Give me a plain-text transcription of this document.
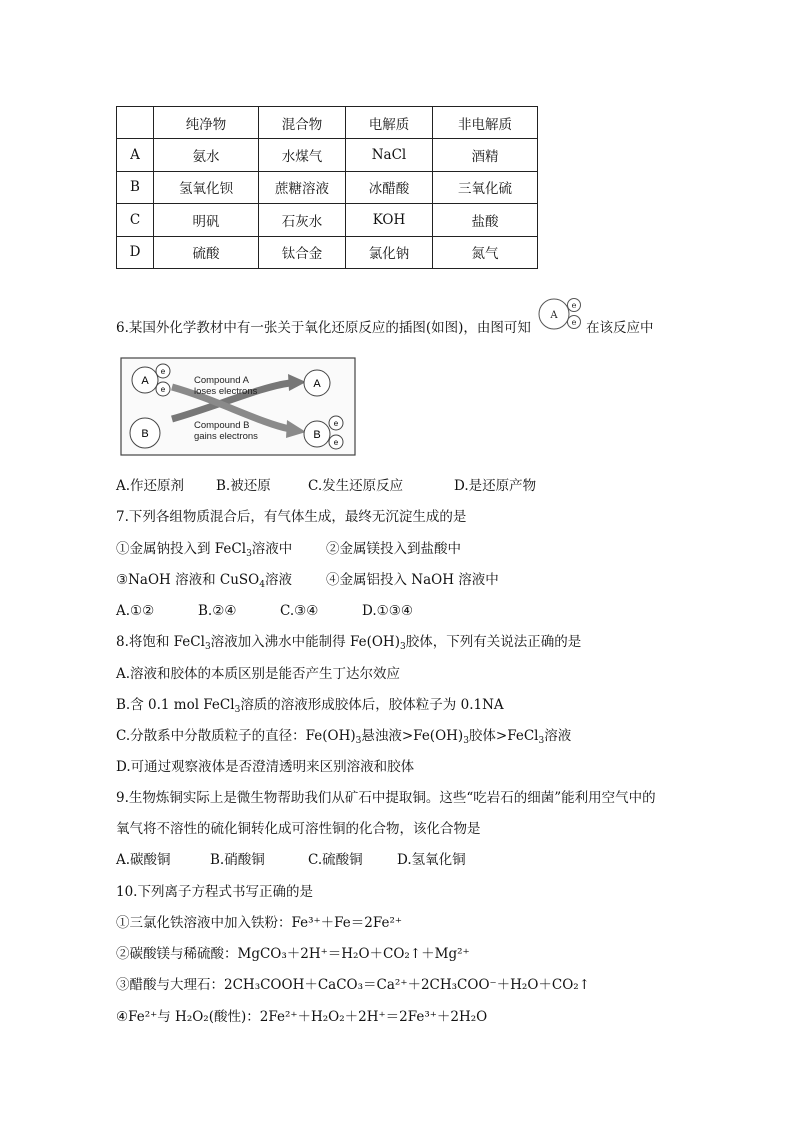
	纯净物	混合物	电解质	非电解质
A	氨水	水煤气	NaCl	酒精
B	氢氧化钡	蔗糖溶液	冰醋酸	三氧化硫
C	明矾	石灰水	KOH	盐酸
D	硫酸	钛合金	氯化钠	氮气
6.某国外化学教材中有一张关于氧化还原反应的插图(如图)，由图可知
A
e
e 在该反应中
A
e
e
B
Compound A
loses electrons
Compound B
gains electrons
A
B
e
e
A.作还原剂 B.被还原	C.发生还原反应	D.是还原产物
7.下列各组物质混合后，有气体生成，最终无沉淀生成的是
①金属钠投入到 FeCl$_3$溶液中 ②金属镁投入到盐酸中
③NaOH 溶液和 CuSO$_4$溶液	④金属铝投入 NaOH 溶液中
A.①②	B.②④	C.③④	D.①③④
8.将饱和 FeCl$_3$溶液加入沸水中能制得 $Fe(OH)_3$胶体，下列有关说法正确的是
A.溶液和胶体的本质区别是能否产生丁达尔效应
B.含 0.1 mol FeCl$_3$溶质的溶液形成胶体后，胶体粒子为 0.1NA
C.分散系中分散质粒子的直径：$Fe(OH)_3$悬浊液$>Fe(OH)_3$胶体>FeCl$_3$溶液
D.可通过观察液体是否澄清透明来区别溶液和胶体
9.生物炼铜实际上是微生物帮助我们从矿石中提取铜。这些“吃岩石的细菌”能利用空气中的
氧气将不溶性的硫化铜转化成可溶性铜的化合物，该化合物是
A.碳酸铜	B.硝酸铜	C.硫酸铜	D.氢氧化铜
10.下列离子方程式书写正确的是
①三氯化铁溶液中加入铁粉：Fe³⁺＋Fe＝2Fe²⁺
②碳酸镁与稀硫酸：MgCO₃＋2H⁺＝H₂O＋CO₂↑＋Mg²⁺
③醋酸与大理石：2CH₃COOH＋CaCO₃＝Ca²⁺＋2CH₃COO⁻＋H₂O＋CO₂↑
④Fe²⁺与 H₂O₂(酸性)：2Fe²⁺＋H₂O₂＋2H⁺＝2Fe³⁺＋2H₂O
